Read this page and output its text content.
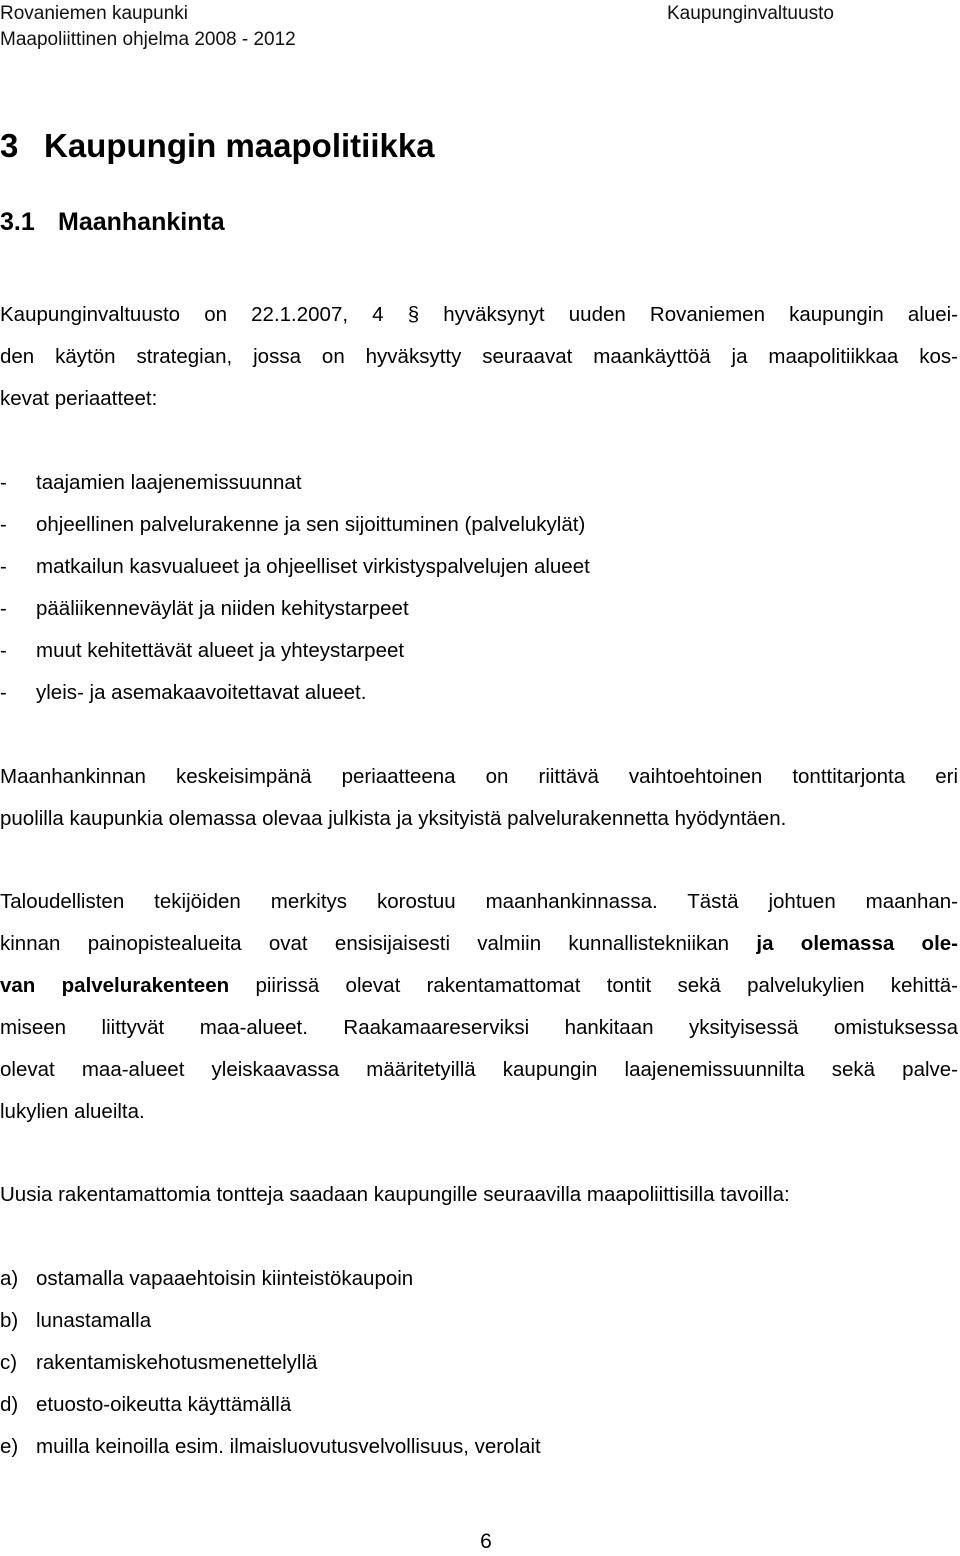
Rovaniemen kaupunki
Maapoliittinen ohjelma 2008 - 2012
Kaupunginvaltuusto
3 Kaupungin maapolitiikka
3.1 Maanhankinta
Kaupunginvaltuusto on 22.1.2007, 4 § hyväksynyt uuden Rovaniemen kaupungin aluei-
den käytön strategian, jossa on hyväksytty seuraavat maankäyttöä ja maapolitiikkaa kos-
kevat periaatteet:
- taajamien laajenemissuunnat
- ohjeellinen palvelurakenne ja sen sijoittuminen (palvelukylät)
- matkailun kasvualueet ja ohjeelliset virkistyspalvelujen alueet
- pääliikenneväylät ja niiden kehitystarpeet
- muut kehitettävät alueet ja yhteystarpeet
- yleis- ja asemakaavoitettavat alueet.
Maanhankinnan keskeisimpänä periaatteena on riittävä vaihtoehtoinen tonttitarjonta eri
puolilla kaupunkia olemassa olevaa julkista ja yksityistä palvelurakennetta hyödyntäen.
Taloudellisten tekijöiden merkitys korostuu maanhankinnassa. Tästä johtuen maanhan-
kinnan painopistealueita ovat ensisijaisesti valmiin kunnallistekniikan ja olemassa ole-
van palvelurakenteen piirissä olevat rakentamattomat tontit sekä palvelukylien kehittä-
miseen liittyvät maa-alueet. Raakamaareserviksi hankitaan yksityisessä omistuksessa
olevat maa-alueet yleiskaavassa määritetyillä kaupungin laajenemissuunnilta sekä palve-
lukylien alueilta.
Uusia rakentamattomia tontteja saadaan kaupungille seuraavilla maapoliittisilla tavoilla:
a) ostamalla vapaaehtoisin kiinteistökaupoin
b) lunastamalla
c) rakentamiskehotusmenettelyllä
d) etuosto-oikeutta käyttämällä
e) muilla keinoilla esim. ilmaisluovutusvelvollisuus, verolait
6
